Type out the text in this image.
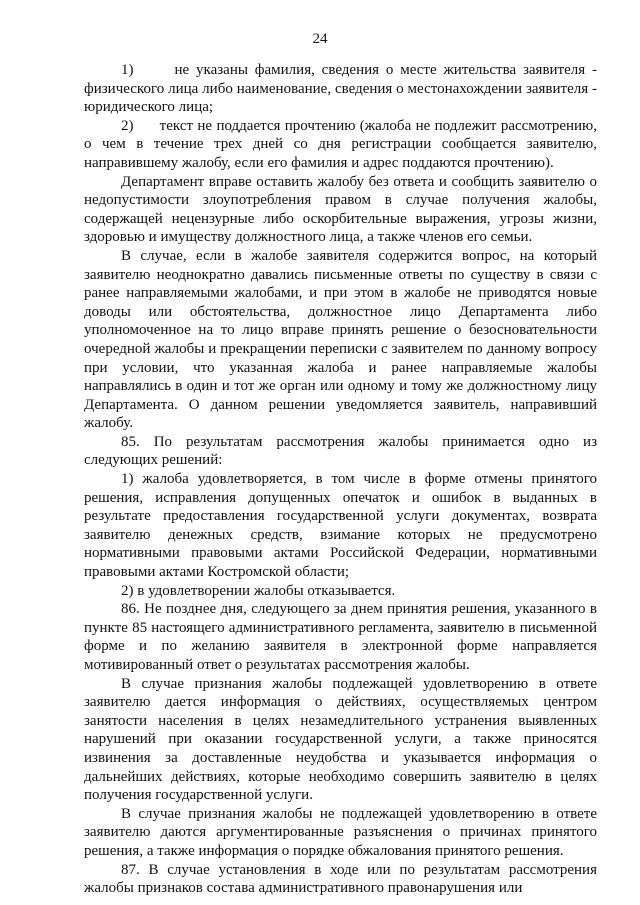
24

1)      не указаны фамилия, сведения о месте жительства заявителя - физического лица либо наименование, сведения о местонахождении заявителя - юридического лица;

2)      текст не поддается прочтению (жалоба не подлежит рассмотрению, о чем в течение трех дней со дня регистрации сообщается заявителю, направившему жалобу, если его фамилия и адрес поддаются прочтению).

Департамент вправе оставить жалобу без ответа и сообщить заявителю о недопустимости злоупотребления правом в случае получения жалобы, содержащей нецензурные либо оскорбительные выражения, угрозы жизни, здоровью и имуществу должностного лица, а также членов его семьи.

В случае, если в жалобе заявителя содержится вопрос, на который заявителю неоднократно давались письменные ответы по существу в связи с ранее направляемыми жалобами, и при этом в жалобе не приводятся новые доводы или обстоятельства, должностное лицо Департамента либо уполномоченное на то лицо вправе принять решение о безосновательности очередной жалобы и прекращении переписки с заявителем по данному вопросу при условии, что указанная жалоба и ранее направляемые жалобы направлялись в один и тот же орган или одному и тому же должностному лицу Департамента. О данном решении уведомляется заявитель, направивший жалобу.

85. По результатам рассмотрения жалобы принимается одно из следующих решений:

1) жалоба удовлетворяется, в том числе в форме отмены принятого решения, исправления допущенных опечаток и ошибок в выданных в результате предоставления государственной услуги документах, возврата заявителю денежных средств, взимание которых не предусмотрено нормативными правовыми актами Российской Федерации, нормативными правовыми актами Костромской области;

2) в удовлетворении жалобы отказывается.

86. Не позднее дня, следующего за днем принятия решения, указанного в пункте 85 настоящего административного регламента, заявителю в письменной форме и по желанию заявителя в электронной форме направляется мотивированный ответ о результатах рассмотрения жалобы.

В случае признания жалобы подлежащей удовлетворению в ответе заявителю дается информация о действиях, осуществляемых центром занятости населения в целях незамедлительного устранения выявленных нарушений при оказании государственной услуги, а также приносятся извинения за доставленные неудобства и указывается информация о дальнейших действиях, которые необходимо совершить заявителю в целях получения государственной услуги.

В случае признания жалобы не подлежащей удовлетворению в ответе заявителю даются аргументированные разъяснения о причинах принятого решения, а также информация о порядке обжалования принятого решения.

87. В случае установления в ходе или по результатам рассмотрения жалобы признаков состава административного правонарушения или
